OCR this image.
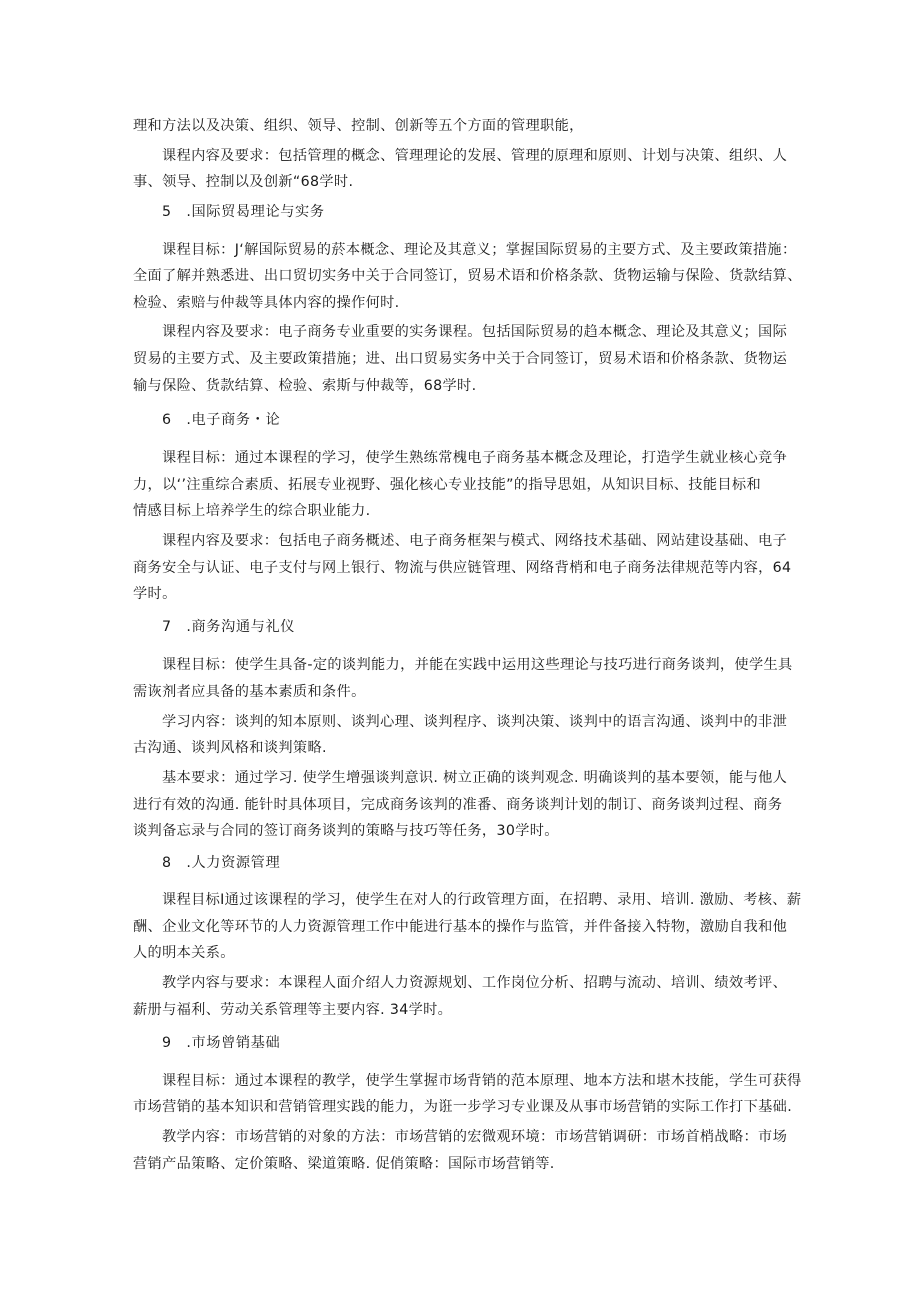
理和方法以及决策、组织、领导、控制、创新等五个方面的管理职能，
课程内容及要求：包括管理的概念、管理理论的发展、管理的原理和原则、计划与决策、组织、人
事、领导、控制以及创新“68学时.
5　.国际贸曷理论与实务
课程目标：J‘解国际贸易的菸本概念、理论及其意义；掌握国际贸易的主要方式、及主要政策措施：
全面了解并熟悉进、出口贸切实务中关于合同签订，贸易术语和价格条款、货物运输与保险、货款结算、
检验、索赔与仲裁等具体内容的操作何时.
课程内容及要求：电子商务专业重要的实务课程。包括国际贸易的趋本概念、理论及其意义；国际
贸易的主要方式、及主要政策措施；进、出口贸易实务中关于合同签订，贸易术语和价格条款、货物运
输与保险、货款结算、检验、索斯与仲裁等，68学时.
6　.电子商务・论
课程目标：通过本课程的学习，使学生熟练常槐电子商务基本概念及理论，打造学生就业核心竞争
力，以‘’注重综合素质、拓展专业视野、强化核心专业技能”的指导思姐，从知识目标、技能目标和
情感目标上培养学生的综合职业能力.
课程内容及要求：包括电子商务概述、电子商务框架与模式、网络技术基础、网站建设基础、电子
商务安全与认证、电子支付与网上银行、物流与供应链管理、网络背梢和电子商务法律规范等内容，64
学时。
7　.商务沟通与礼仪
课程目标：使学生具备-定的谈判能力，并能在实践中运用这些理论与技巧进行商务谈判，使学生具
需诙剂者应具备的基本素质和条件。
学习内容：谈判的知本原则、谈判心理、谈判程序、谈判决策、谈判中的语言沟通、谈判中的非泄
古沟通、谈判风格和谈判策略.
基本要求：通过学习. 使学生增强谈判意识. 树立正确的谈判观念. 明确谈判的基本要领，能与他人
进行有效的沟通. 能针时具体项目，完成商务该判的准番、商务谈判计划的制订、商务谈判过程、商务
谈判备忘录与合同的签订商务谈判的策略与技巧等任务，30学时。
8　.人力资源管理
课程目标I通过该课程的学习，使学生在对人的行政管理方面，在招聘、录用、培训. 激励、考核、薪
酬、企业文化等环节的人力资源管理工作中能进行基本的操作与监管，并件备接入特物，激励自我和他
人的明本关系。
教学内容与要求：本课程人面介绍人力资源规划、工作岗位分析、招聘与流动、培训、绩效考评、
薪册与福利、劳动关系管理等主要内容. 34学时。
9　.市场曾销基础
课程目标：通过本课程的教学，使学生掌握市场背销的范本原理、地本方法和堪木技能，学生可获得
市场营销的基本知识和营销管理实践的能力，为诳一步学习专业课及从事市场营销的实际工作打下基础.
教学内容：市场营销的对象的方法：市场营销的宏微观环境：市场营销调研：市场首梢战略：市场
营销产品策略、定价策略、梁道策略. 促俏策略：国际市场营销等.
